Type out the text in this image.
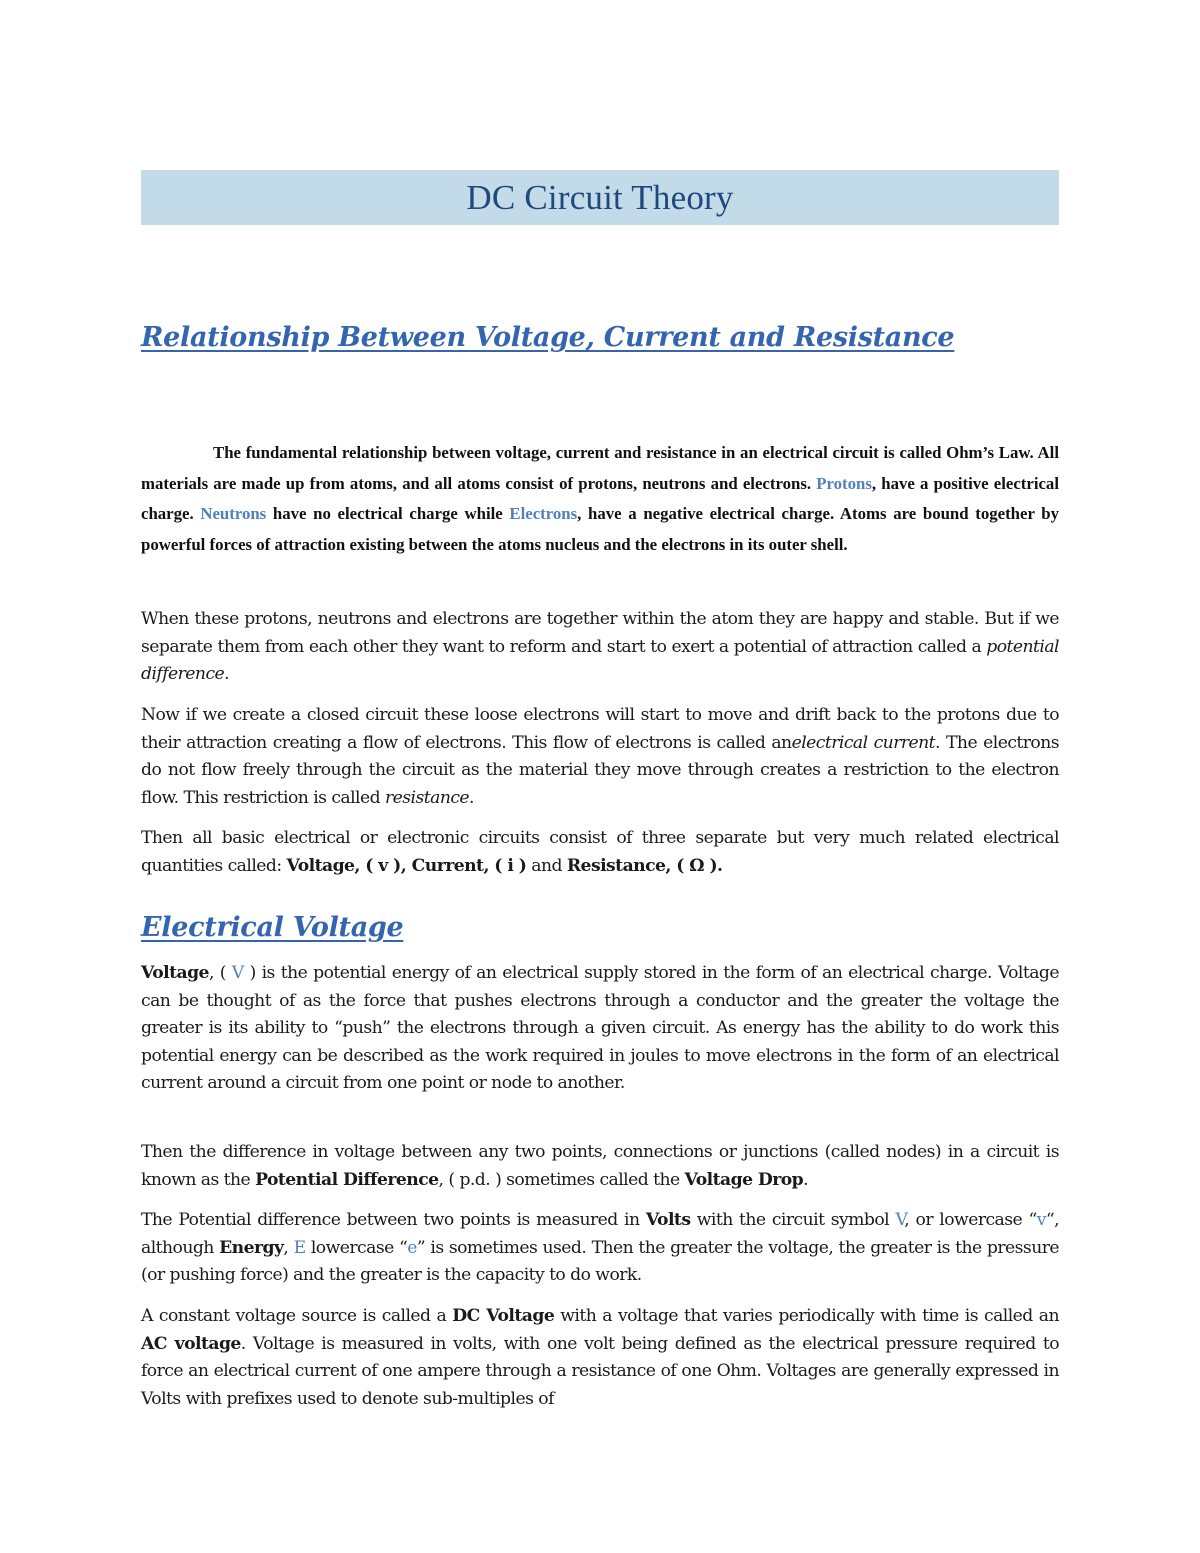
DC Circuit Theory
Relationship Between Voltage, Current and Resistance

The fundamental relationship between voltage, current and resistance in an electrical circuit is called Ohm’s Law. All materials are made up from atoms, and all atoms consist of protons, neutrons and electrons. Protons, have a positive electrical charge. Neutrons have no electrical charge while Electrons, have a negative electrical charge. Atoms are bound together by powerful forces of attraction existing between the atoms nucleus and the electrons in its outer shell.

When these protons, neutrons and electrons are together within the atom they are happy and stable. But if we separate them from each other they want to reform and start to exert a potential of attraction called a potential difference.

Now if we create a closed circuit these loose electrons will start to move and drift back to the protons due to their attraction creating a flow of electrons. This flow of electrons is called anelectrical current. The electrons do not flow freely through the circuit as the material they move through creates a restriction to the electron flow. This restriction is called resistance.

Then all basic electrical or electronic circuits consist of three separate but very much related electrical quantities called: Voltage, ( v ), Current, ( i ) and Resistance, ( Ω ).

Electrical Voltage

Voltage, ( V ) is the potential energy of an electrical supply stored in the form of an electrical charge. Voltage can be thought of as the force that pushes electrons through a conductor and the greater the voltage the greater is its ability to “push” the electrons through a given circuit. As energy has the ability to do work this potential energy can be described as the work required in joules to move electrons in the form of an electrical current around a circuit from one point or node to another.

Then the difference in voltage between any two points, connections or junctions (called nodes) in a circuit is known as the Potential Difference, ( p.d. ) sometimes called the Voltage Drop.

The Potential difference between two points is measured in Volts with the circuit symbol V, or lowercase “v“, although Energy, E lowercase “e” is sometimes used. Then the greater the voltage, the greater is the pressure (or pushing force) and the greater is the capacity to do work.

A constant voltage source is called a DC Voltage with a voltage that varies periodically with time is called an AC voltage. Voltage is measured in volts, with one volt being defined as the electrical pressure required to force an electrical current of one ampere through a resistance of one Ohm. Voltages are generally expressed in Volts with prefixes used to denote sub-multiples of
